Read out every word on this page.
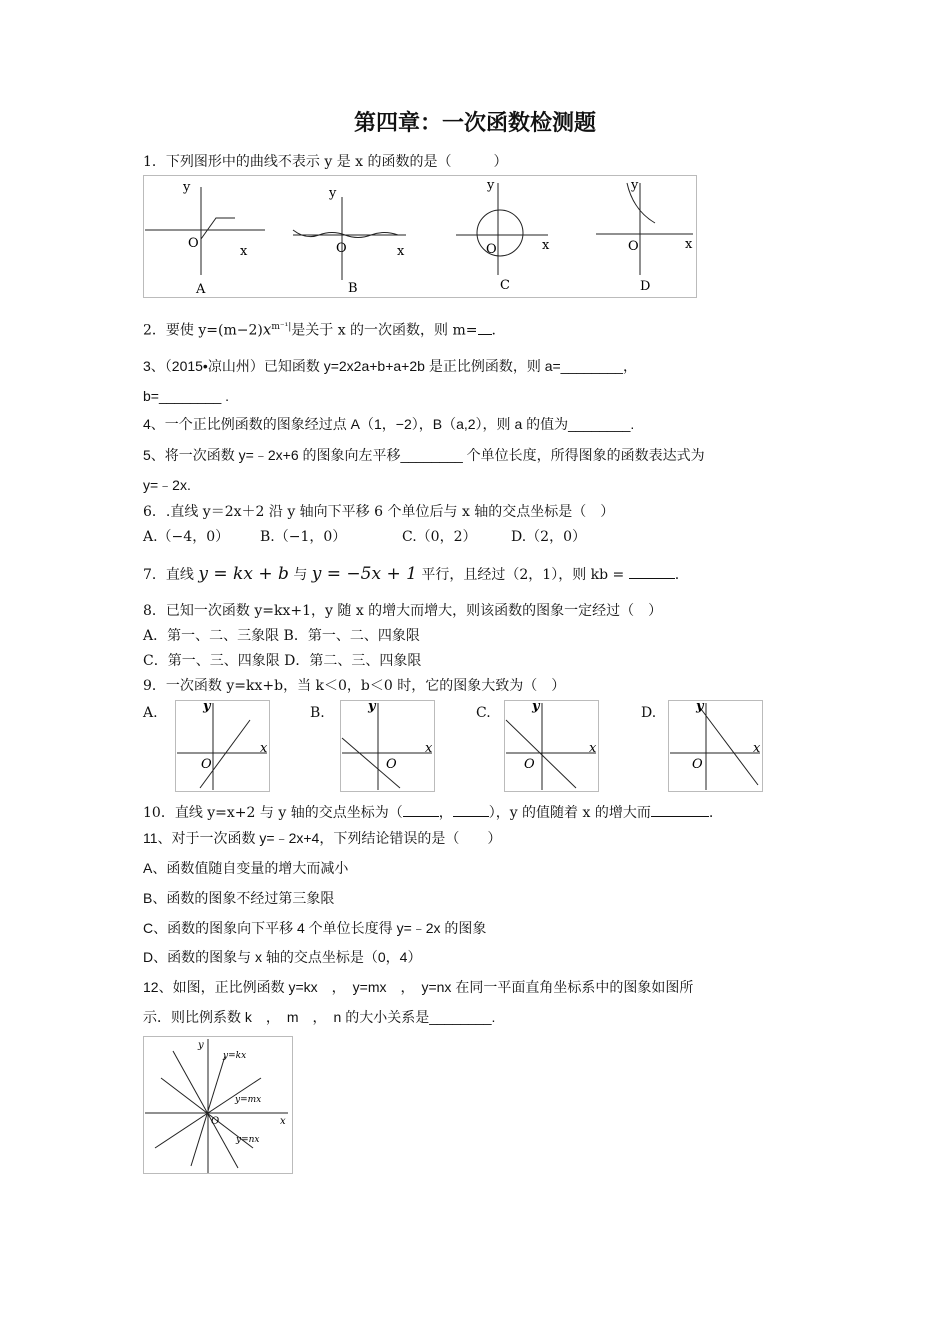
第四章：一次函数检测题
1．下列图形中的曲线不表示 y 是 x 的函数的是（　　　）
y
O
x
A
y
O	x
B
y
O	x
C
y
O	x
D
2．要使 $y=(m-2)x^{m^{-1}|}$是关于 x 的一次函数，则 m= .
3、（2015•凉山州）已知函数 y=2x2a+b+a+2b 是正比例函数，则 a=________，
b=________ .
4、一个正比例函数的图象经过点 A（1，−2），B（a,2），则 a 的值为________.
5、将一次函数 y=﹣2x+6 的图象向左平移________ 个单位长度，所得图象的函数表达式为
y=﹣2x.
6．.直线 y＝2x＋2 沿 y 轴向下平移 6 个单位后与 x 轴的交点坐标是（　）
A.（−4，0） B.（−1，0）	C.（0，2） D.（2，0）
7．直线 y = kx + b 与 y = −5x + 1 平行，且经过（2，1），则 kb =	.
8．已知一次函数 y=kx+1，y 随 x 的增大而增大，则该函数的图象一定经过（　）
A．第一、二、三象限 B．第一、二、四象限
C．第一、三、四象限 D．第二、三、四象限
9．一次函数 y=kx+b，当 k＜0，b＜0 时，它的图象大致为（　）
A.	B.	C.	D.
y
x
O
y
x
O
y
x
O
y
x
O
10．直线 y=x+2 与 y 轴的交点坐标为（	，	），y 的值随着 x 的增大而	.
11、对于一次函数 y=﹣2x+4，下列结论错误的是（　　）
A、函数值随自变量的增大而减小
B、函数的图象不经过第三象限
C、函数的图象向下平移 4 个单位长度得 y=﹣2x 的图象
D、函数的图象与 x 轴的交点坐标是（0，4）
12、如图，正比例函数 y=kx　，　y=mx　，　y=nx 在同一平面直角坐标系中的图象如图所
示．则比例系数 k　，　m　，　n 的大小关系是________.
y
y=kx
y=mx
y=nx
x
O
